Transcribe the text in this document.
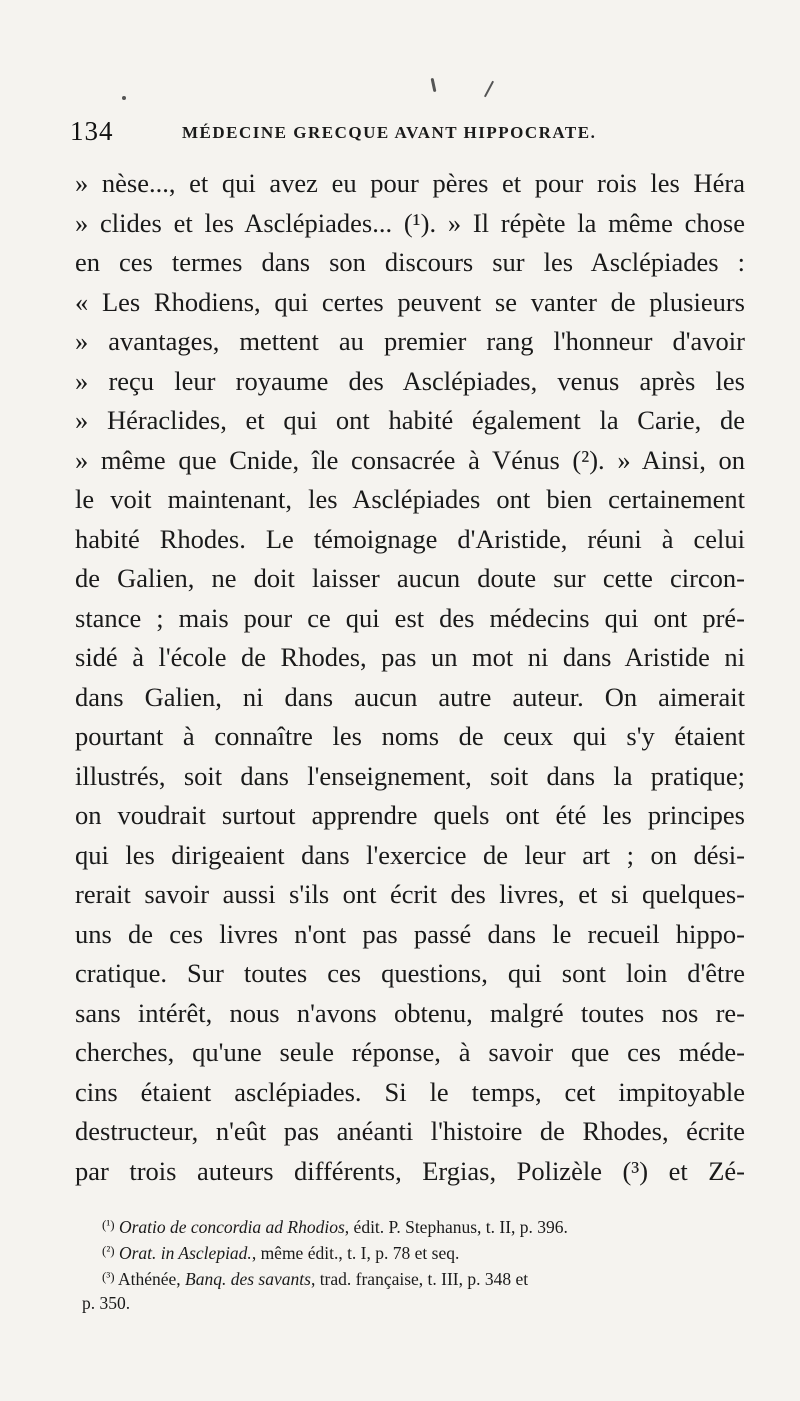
134	MÉDECINE GRECQUE AVANT HIPPOCRATE.
» nèse..., et qui avez eu pour pères et pour rois les Héra
» clides et les Asclépiades... (¹). » Il répète la même chose
en ces termes dans son discours sur les Asclépiades :
« Les Rhodiens, qui certes peuvent se vanter de plusieurs
» avantages, mettent au premier rang l'honneur d'avoir
» reçu leur royaume des Asclépiades, venus après les
» Héraclides, et qui ont habité également la Carie, de
» même que Cnide, île consacrée à Vénus (²). » Ainsi, on
le voit maintenant, les Asclépiades ont bien certainement
habité Rhodes. Le témoignage d'Aristide, réuni à celui
de Galien, ne doit laisser aucun doute sur cette circon-
stance ; mais pour ce qui est des médecins qui ont pré-
sidé à l'école de Rhodes, pas un mot ni dans Aristide ni
dans Galien, ni dans aucun autre auteur. On aimerait
pourtant à connaître les noms de ceux qui s'y étaient
illustrés, soit dans l'enseignement, soit dans la pratique;
on voudrait surtout apprendre quels ont été les principes
qui les dirigeaient dans l'exercice de leur art ; on dési-
rerait savoir aussi s'ils ont écrit des livres, et si quelques-
uns de ces livres n'ont pas passé dans le recueil hippo-
cratique. Sur toutes ces questions, qui sont loin d'être
sans intérêt, nous n'avons obtenu, malgré toutes nos re-
cherches, qu'une seule réponse, à savoir que ces méde-
cins étaient asclépiades. Si le temps, cet impitoyable
destructeur, n'eût pas anéanti l'histoire de Rhodes, écrite
par trois auteurs différents, Ergias, Polizèle (³) et Zé-
$^{(^1)}$ Oratio de concordia ad Rhodios, édit. P. Stephanus, t. II, p. 396.
$^{(^2)}$ Orat. in Asclepiad., même édit., t. I, p. 78 et seq.
$^{(^3)}$ Athénée, Banq. des savants, trad. française, t. III, p. 348 et
p. 350.
